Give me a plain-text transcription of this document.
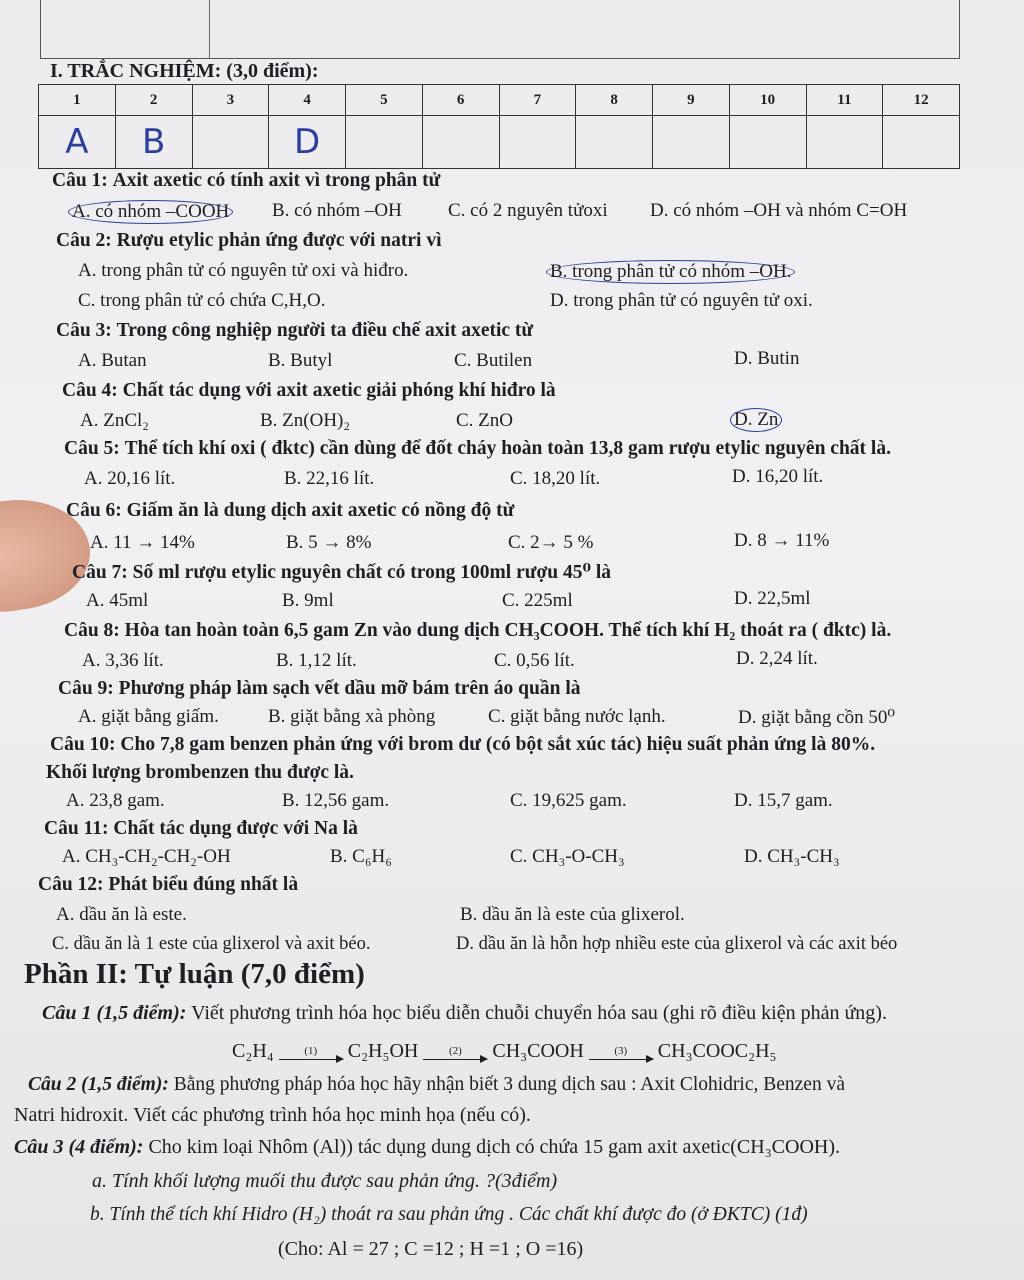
I. TRẮC NGHIỆM: (3,0 điểm):
1	2	3	4	5	6	7	8	9	10	11	12
A	B		D								
Câu 1: Axit axetic có tính axit vì trong phân tử
A. có nhóm –COOH B. có nhóm –OH C. có 2 nguyên tửoxi D. có nhóm –OH và nhóm C=OH
Câu 2: Rượu etylic phản ứng được với natri vì
A. trong phân tử có nguyên tử oxi và hiđro.	B. trong phân tử có nhóm –OH.
C. trong phân tử có chứa C,H,O.	D. trong phân tử có nguyên tử oxi.
Câu 3: Trong công nghiệp người ta điều chế axit axetic từ
A. Butan	B. Butyl	C. Butilen	D. Butin
Câu 4: Chất tác dụng với axit axetic giải phóng khí hiđro là
A. ZnCl₂	B. Zn(OH)₂	C. ZnO	D. Zn
Câu 5: Thể tích khí oxi ( đktc) cần dùng để đốt cháy hoàn toàn 13,8 gam rượu etylic nguyên chất là.
A. 20,16 lít.	B. 22,16 lít.	C. 18,20 lít.	D. 16,20 lít.
Câu 6: Giấm ăn là dung dịch axit axetic có nồng độ từ
A. 11 → 14%	B. 5 → 8%	C. 2→ 5 %	D. 8 → 11%
Câu 7: Số ml rượu etylic nguyên chất có trong 100ml rượu 45⁰ là
A. 45ml	B. 9ml	C. 225ml	D. 22,5ml
Câu 8: Hòa tan hoàn toàn 6,5 gam Zn vào dung dịch CH₃COOH. Thể tích khí H₂ thoát ra ( đktc) là.
A. 3,36 lít.	B. 1,12 lít.	C. 0,56 lít.	D. 2,24 lít.
Câu 9: Phương pháp làm sạch vết dầu mỡ bám trên áo quần là
A. giặt bằng giấm.	B. giặt bằng xà phòng	C. giặt bằng nước lạnh.	D. giặt bằng cồn 50⁰
Câu 10: Cho 7,8 gam benzen phản ứng với brom dư (có bột sắt xúc tác) hiệu suất phản ứng là 80%.
Khối lượng brombenzen thu được là.
A. 23,8 gam.	B. 12,56 gam.	C. 19,625 gam.	D. 15,7 gam.
Câu 11: Chất tác dụng được với Na là
A. CH₃-CH₂-CH₂-OH	B. C₆H₆	C. CH₃-O-CH₃	D. CH₃-CH₃
Câu 12: Phát biểu đúng nhất là
A. dầu ăn là este.	B. dầu ăn là este của glixerol.
C. dầu ăn là 1 este của glixerol và axit béo.	D. dầu ăn là hỗn hợp nhiều este của glixerol và các axit béo
Phần II: Tự luận (7,0 điểm)
Câu 1 (1,5 điểm): Viết phương trình hóa học biểu diễn chuỗi chuyển hóa sau (ghi rõ điều kiện phản ứng).
C₂H₄	(1) C₂H₅OH	(2) CH₃COOH	(3) CH₃COOC₂H₅
Câu 2 (1,5 điểm): Bằng phương pháp hóa học hãy nhận biết 3 dung dịch sau : Axit Clohidric, Benzen và
Natri hidroxit. Viết các phương trình hóa học minh họa (nếu có).
Câu 3 (4 điểm): Cho kim loại Nhôm (Al)) tác dụng dung dịch có chứa 15 gam axit axetic(CH₃COOH).
a. Tính khối lượng muối thu được sau phản ứng. ?(3điểm)
b. Tính thể tích khí Hidro (H₂) thoát ra sau phản ứng . Các chất khí được đo (ở ĐKTC) (1đ)
(Cho: Al = 27 ; C =12 ; H =1 ; O =16)
